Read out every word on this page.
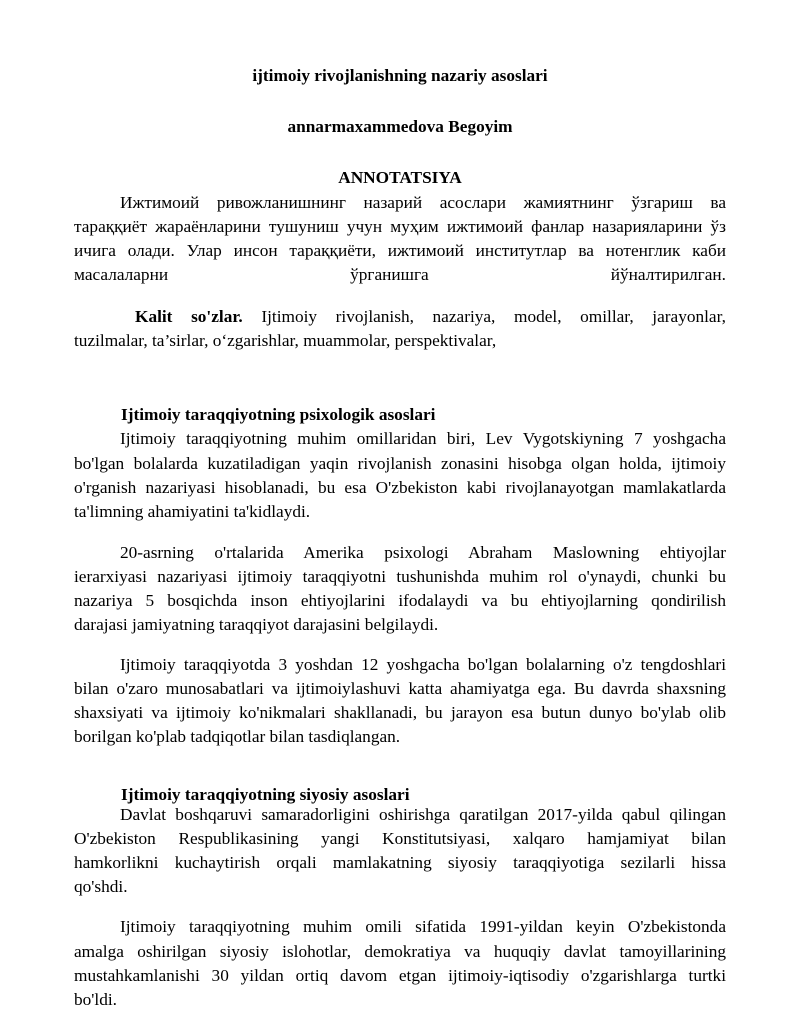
ijtimoiy rivojlanishning nazariy asoslari
annarmaxammedova Begoyim
ANNOTATSIYA
Ижтимоий ривожланишнинг назарий асослари жамиятнинг ўзгариш ва
тараққиёт жараёнларини тушуниш учун муҳим ижтимоий фанлар назарияларини ўз
ичига олади. Улар инсон тараққиёти, ижтимоий институтлар ва нотенглик каби
масалаларни ўрганишга йўналтирилган.
Kalit so'zlar. Ijtimoiy rivojlanish, nazariya, model, omillar, jarayonlar,
tuzilmalar, ta’sirlar, o‘zgarishlar, muammolar, perspektivalar,
Ijtimoiy taraqqiyotning psixologik asoslari
Ijtimoiy taraqqiyotning muhim omillaridan biri, Lev Vygotskiyning 7 yoshgacha
bo'lgan bolalarda kuzatiladigan yaqin rivojlanish zonasini hisobga olgan holda, ijtimoiy
o'rganish nazariyasi hisoblanadi, bu esa O'zbekiston kabi rivojlanayotgan mamlakatlarda
ta'limning ahamiyatini ta'kidlaydi.
20-asrning o'rtalarida Amerika psixologi Abraham Maslowning ehtiyojlar
ierarxiyasi nazariyasi ijtimoiy taraqqiyotni tushunishda muhim rol o'ynaydi, chunki bu
nazariya 5 bosqichda inson ehtiyojlarini ifodalaydi va bu ehtiyojlarning qondirilish
darajasi jamiyatning taraqqiyot darajasini belgilaydi.
Ijtimoiy taraqqiyotda 3 yoshdan 12 yoshgacha bo'lgan bolalarning o'z tengdoshlari
bilan o'zaro munosabatlari va ijtimoiylashuvi katta ahamiyatga ega. Bu davrda shaxsning
shaxsiyati va ijtimoiy ko'nikmalari shakllanadi, bu jarayon esa butun dunyo bo'ylab olib
borilgan ko'plab tadqiqotlar bilan tasdiqlangan.
Ijtimoiy taraqqiyotning siyosiy asoslari
Davlat boshqaruvi samaradorligini oshirishga qaratilgan 2017-yilda qabul qilingan
O'zbekiston Respublikasining yangi Konstitutsiyasi, xalqaro hamjamiyat bilan
hamkorlikni kuchaytirish orqali mamlakatning siyosiy taraqqiyotiga sezilarli hissa
qo'shdi.
Ijtimoiy taraqqiyotning muhim omili sifatida 1991-yildan keyin O'zbekistonda
amalga oshirilgan siyosiy islohotlar, demokratiya va huquqiy davlat tamoyillarining
mustahkamlanishi 30 yildan ortiq davom etgan ijtimoiy-iqtisodiy o'zgarishlarga turtki
bo'ldi.
